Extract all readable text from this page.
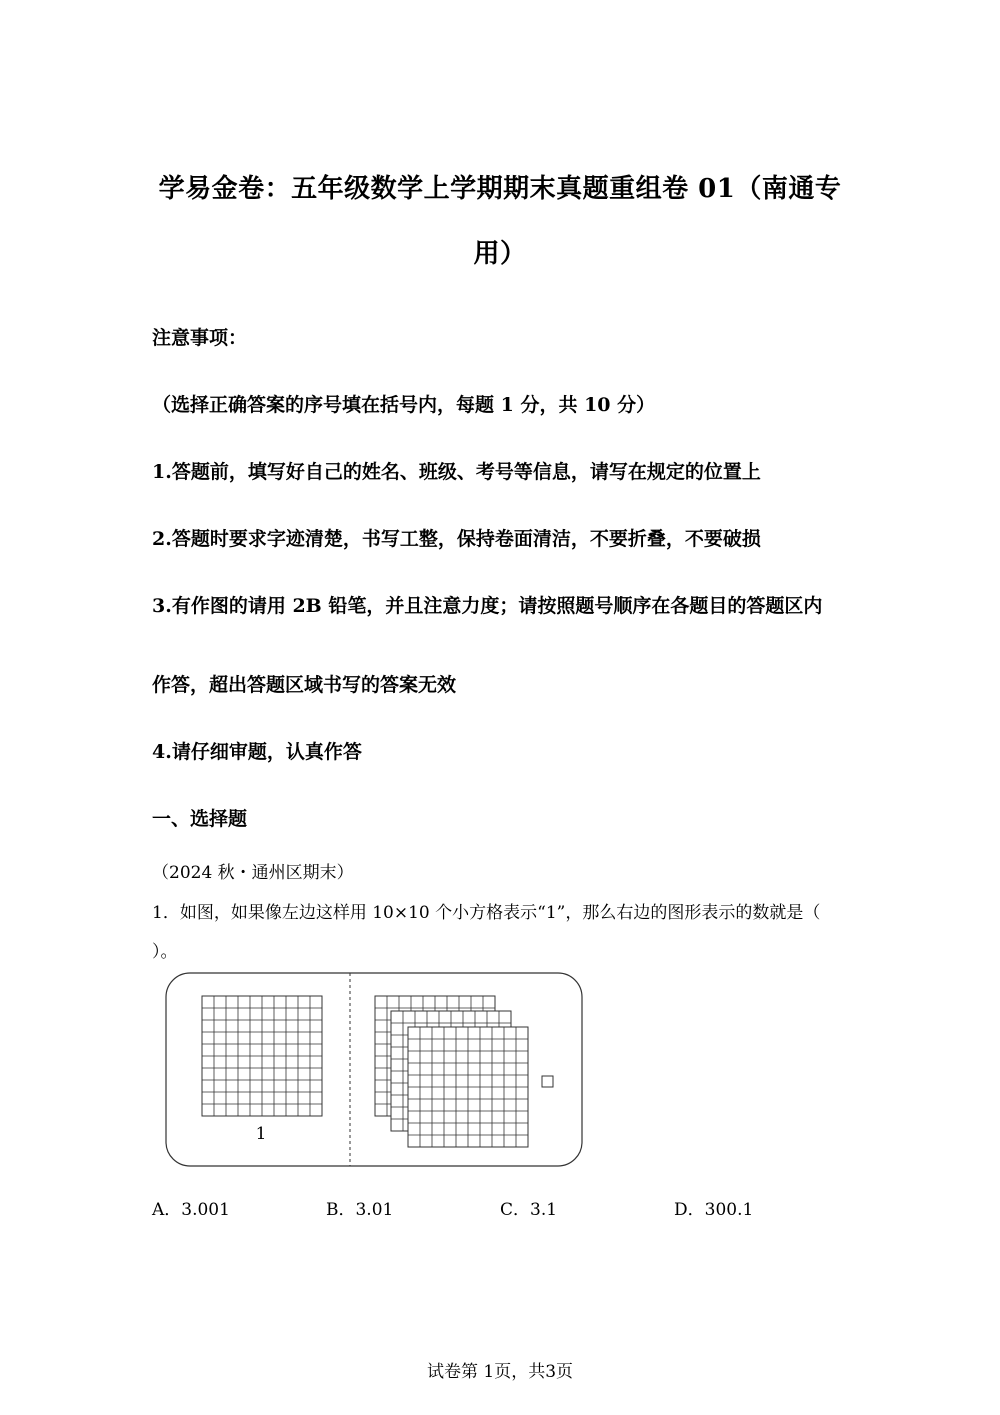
学易金卷：五年级数学上学期期末真题重组卷 01（南通专
用）
注意事项：
（选择正确答案的序号填在括号内，每题 1 分，共 10 分）
1.答题前，填写好自己的姓名、班级、考号等信息，请写在规定的位置上
2.答题时要求字迹清楚，书写工整，保持卷面清洁，不要折叠，不要破损
3.有作图的请用 2B 铅笔，并且注意力度；请按照题号顺序在各题目的答题区内
作答，超出答题区域书写的答案无效
4.请仔细审题，认真作答
一、选择题
（2024 秋・通州区期末）
1．如图，如果像左边这样用 10×10 个小方格表示“1”，那么右边的图形表示的数就是（
）。
1
A．3.001	B．3.01	C．3.1	D．300.1
试卷第 1页，共3页
